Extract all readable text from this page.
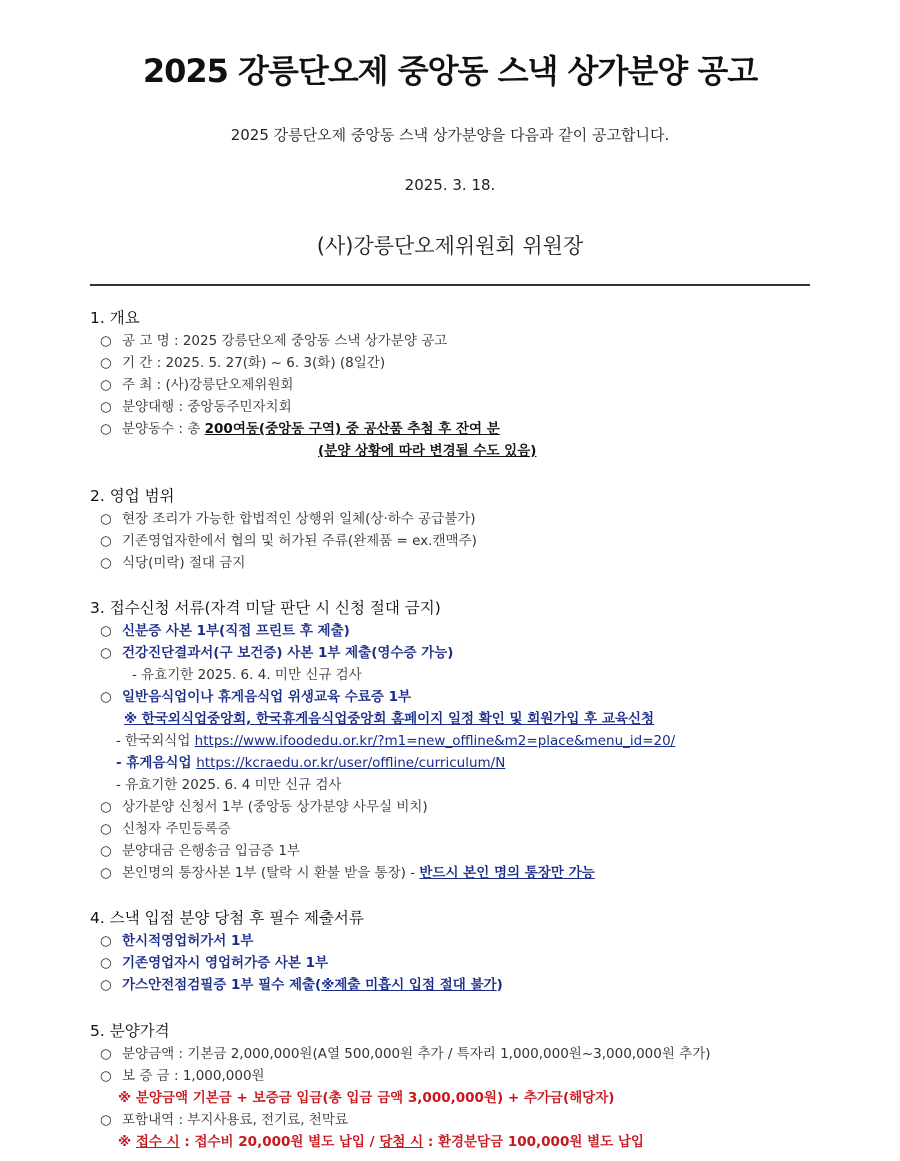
2025 강릉단오제 중앙동 스낵 상가분양 공고
2025 강릉단오제 중앙동 스낵 상가분양을 다음과 같이 공고합니다.
2025. 3. 18.
(사)강릉단오제위원회 위원장
1. 개요
○ 공 고 명 : 2025 강릉단오제 중앙동 스낵 상가분양 공고
○ 기 간 : 2025. 5. 27(화) ~ 6. 3(화) (8일간)
○ 주 최 : (사)강릉단오제위원회
○ 분양대행 : 중앙동주민자치회
○ 분양동수 : 총 200여동(중앙동 구역) 중 공산품 추첨 후 잔여 분
(분양 상황에 따라 변경될 수도 있음)
2. 영업 범위
○ 현장 조리가 가능한 합법적인 상행위 일체(상·하수 공급불가)
○ 기존영업자한에서 협의 및 허가된 주류(완제품 = ex.캔맥주)
○ 식당(미락) 절대 금지
3. 접수신청 서류(자격 미달 판단 시 신청 절대 금지)
○ 신분증 사본 1부(직접 프린트 후 제출)
○ 건강진단결과서(구 보건증) 사본 1부 제출(영수증 가능)
- 유효기한 2025. 6. 4. 미만 신규 검사
○ 일반음식업이나 휴게음식업 위생교육 수료증 1부
※ 한국외식업중앙회, 한국휴게음식업중앙회 홈페이지 일정 확인 및 회원가입 후 교육신청
- 한국외식업 https://www.ifoodedu.or.kr/?m1=new_offline&m2=place&menu_id=20/
- 휴게음식업 https://kcraedu.or.kr/user/offline/curriculum/N
- 유효기한 2025. 6. 4 미만 신규 검사
○ 상가분양 신청서 1부 (중앙동 상가분양 사무실 비치)
○ 신청자 주민등록증
○ 분양대금 은행송금 입금증 1부
○ 본인명의 통장사본 1부 (탈락 시 환불 받을 통장) - 반드시 본인 명의 통장만 가능
4. 스낵 입점 분양 당첨 후 필수 제출서류
○ 한시적영업허가서 1부
○ 기존영업자시 영업허가증 사본 1부
○ 가스안전점검필증 1부 필수 제출(※제출 미흡시 입점 절대 불가)
5. 분양가격
○ 분양금액 : 기본금 2,000,000원(A열 500,000원 추가 / 특자리 1,000,000원~3,000,000원 추가)
○ 보 증 금 : 1,000,000원
※ 분양금액 기본금 + 보증금 입금(총 입금 금액 3,000,000원) + 추가금(해당자)
○ 포함내역 : 부지사용료, 전기료, 천막료
※ 접수 시 : 접수비 20,000원 별도 납입 / 당첨 시 : 환경분담금 100,000원 별도 납입
